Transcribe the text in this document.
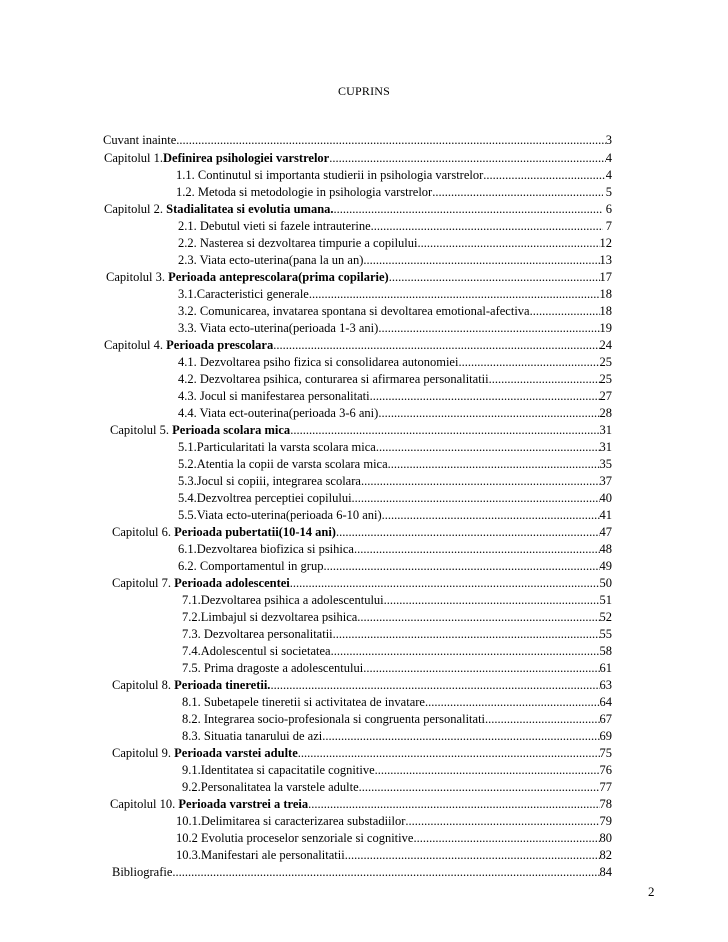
CUPRINS
Cuvant inainte .....	3
Capitolul 1.Definirea psihologiei varstrelor .....	4
1.1. Continutul si importanta studierii in psihologia varstrelor .....	4
1.2. Metoda si metodologie in psihologia varstrelor .....	5
Capitolul 2. Stadialitatea si evolutia umana. .....	6
2.1. Debutul vieti si fazele intrauterine .....	7
2.2. Nasterea si dezvoltarea timpurie a copilului .....	12
2.3. Viata ecto-uterina(pana la un an) .....	13
Capitolul 3. Perioada anteprescolara(prima copilarie) .....	17
3.1.Caracteristici generale .....	18
3.2. Comunicarea, invatarea spontana si devoltarea emotional-afectiva .....	18
3.3. Viata ecto-uterina(perioada 1-3 ani) .....	19
Capitolul 4. Perioada prescolara .....	24
4.1. Dezvoltarea psiho fizica si consolidarea autonomiei .....	25
4.2. Dezvoltarea psihica, conturarea si afirmarea personalitatii .....	25
4.3. Jocul si manifestarea personalitati .....	27
4.4. Viata ect-outerina(perioada 3-6 ani) .....	28
Capitolul 5. Perioada scolara mica .....	31
5.1.Particularitati la varsta scolara mica .....	31
5.2.Atentia la copii de varsta scolara mica .....	35
5.3.Jocul si copiii, integrarea scolara .....	37
5.4.Dezvoltrea perceptiei copilului .....	40
5.5.Viata ecto-uterina(perioada 6-10 ani) .....	41
Capitolul 6. Perioada pubertatii(10-14 ani) .....	47
6.1.Dezvoltarea biofizica si psihica .....	48
6.2. Comportamentul in grup .....	49
Capitolul 7. Perioada adolescentei .....	50
7.1.Dezvoltarea psihica a adolescentului .....	51
7.2.Limbajul si dezvoltarea psihica .....	52
7.3. Dezvoltarea personalitatii .....	55
7.4.Adolescentul si societatea .....	58
7.5. Prima dragoste a adolescentului .....	61
Capitolul 8. Perioada tineretii. .....	63
8.1. Subetapele tineretii si activitatea de invatare .....	64
8.2. Integrarea socio-profesionala si congruenta personalitati .....	67
8.3. Situatia tanarului de azi .....	69
Capitolul 9. Perioada varstei adulte .....	75
9.1.Identitatea si capacitatile cognitive .....	76
9.2.Personalitatea la varstele adulte .....	77
Capitolul 10. Perioada varstrei a treia .....	78
10.1.Delimitarea si caracterizarea substadiilor .....	79
10.2 Evolutia proceselor senzoriale si cognitive .....	80
10.3.Manifestari ale personalitatii .....	82
Bibliografie .....	84
2
